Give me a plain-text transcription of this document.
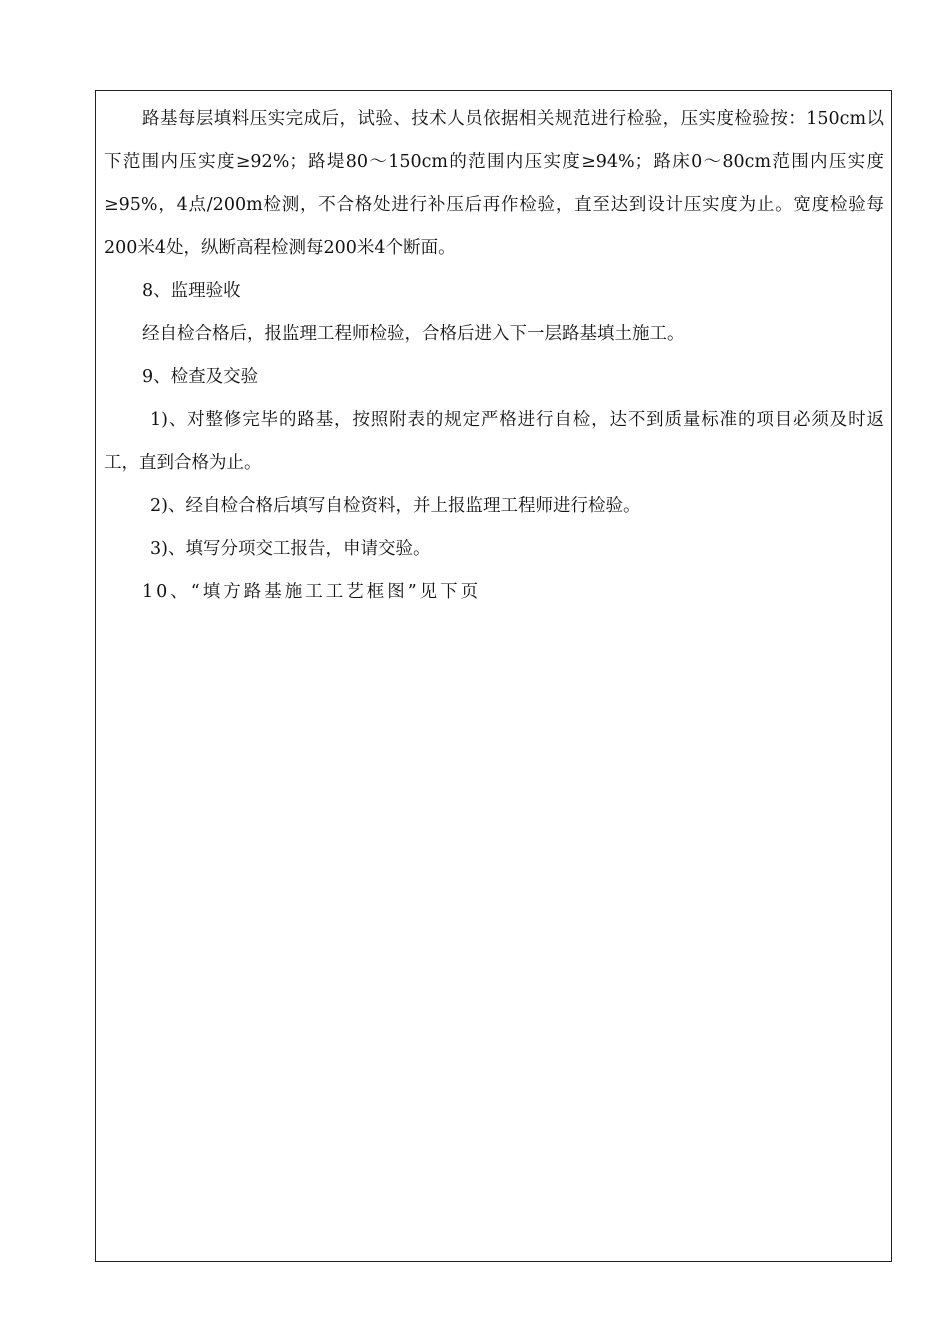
路基每层填料压实完成后，试验、技术人员依据相关规范进行检验，压实度检验按：150cm以下范围内压实度≥92%；路堤80～150cm的范围内压实度≥94%；路床0～80cm范围内压实度≥95%，4点/200m检测，不合格处进行补压后再作检验，直至达到设计压实度为止。宽度检验每200米4处，纵断高程检测每200米4个断面。

8、监理验收

经自检合格后，报监理工程师检验，合格后进入下一层路基填土施工。

9、检查及交验

1)、对整修完毕的路基，按照附表的规定严格进行自检，达不到质量标准的项目必须及时返工，直到合格为止。

2)、经自检合格后填写自检资料，并上报监理工程师进行检验。

3)、填写分项交工报告，申请交验。

10、“填方路基施工工艺框图”见下页
